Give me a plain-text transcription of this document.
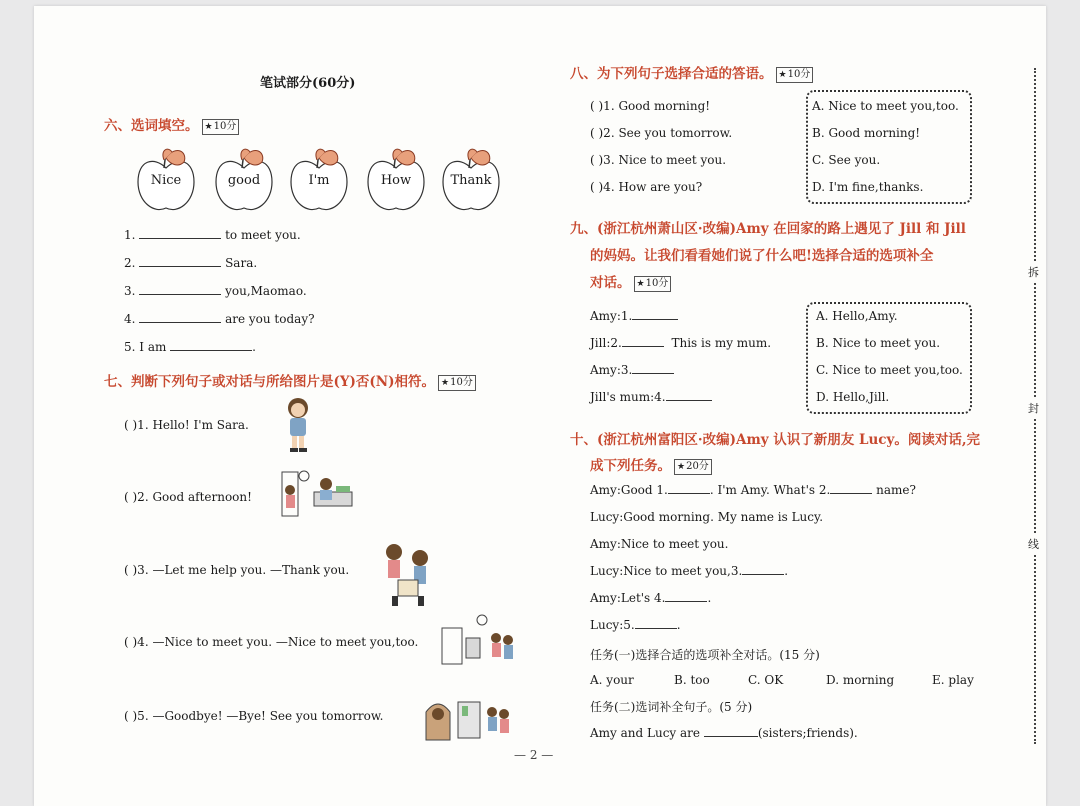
笔试部分(60分)
六、选词填空。 ★ 10分
Nice	good	I'm	How	Thank
1.	to meet you.
2.	Sara.
3.	you,Maomao.
4.	are you today?
5. I am	.
七、判断下列句子或对话与所给图片是(Y)否(N)相符。 ★ 10分
( )1. Hello! I'm Sara.
( )2. Good afternoon!
( )3. —Let me help you. —Thank you.
( )4. —Nice to meet you. —Nice to meet you,too.
( )5. —Goodbye! —Bye! See you tomorrow.
八、为下列句子选择合适的答语。 ★ 10分
( )1. Good morning!
( )2. See you tomorrow.
( )3. Nice to meet you.
( )4. How are you?
A. Nice to meet you,too.
B. Good morning!
C. See you.
D. I'm fine,thanks.
九、(浙江杭州萧山区·改编)Amy 在回家的路上遇见了 Jill 和 Jill
的妈妈。让我们看看她们说了什么吧!选择合适的选项补全
对话。 ★ 10分
Amy:1.
Jill:2.	This is my mum.
Amy:3.
Jill's mum:4.
A. Hello,Amy.
B. Nice to meet you.
C. Nice to meet you,too.
D. Hello,Jill.
十、(浙江杭州富阳区·改编)Amy 认识了新朋友 Lucy。阅读对话,完
成下列任务。 ★ 20分
Amy:Good 1.	. I'm Amy. What's 2.	name?
Lucy:Good morning. My name is Lucy.
Amy:Nice to meet you.
Lucy:Nice to meet you,3.	.
Amy:Let's 4.	.
Lucy:5.	.
任务(一)选择合适的选项补全对话。(15 分)
A. your	B. too	C. OK	D. morning	E. play
任务(二)选词补全句子。(5 分)
Amy and Lucy are	(sisters;friends).
拆
封
线
— 2 —
